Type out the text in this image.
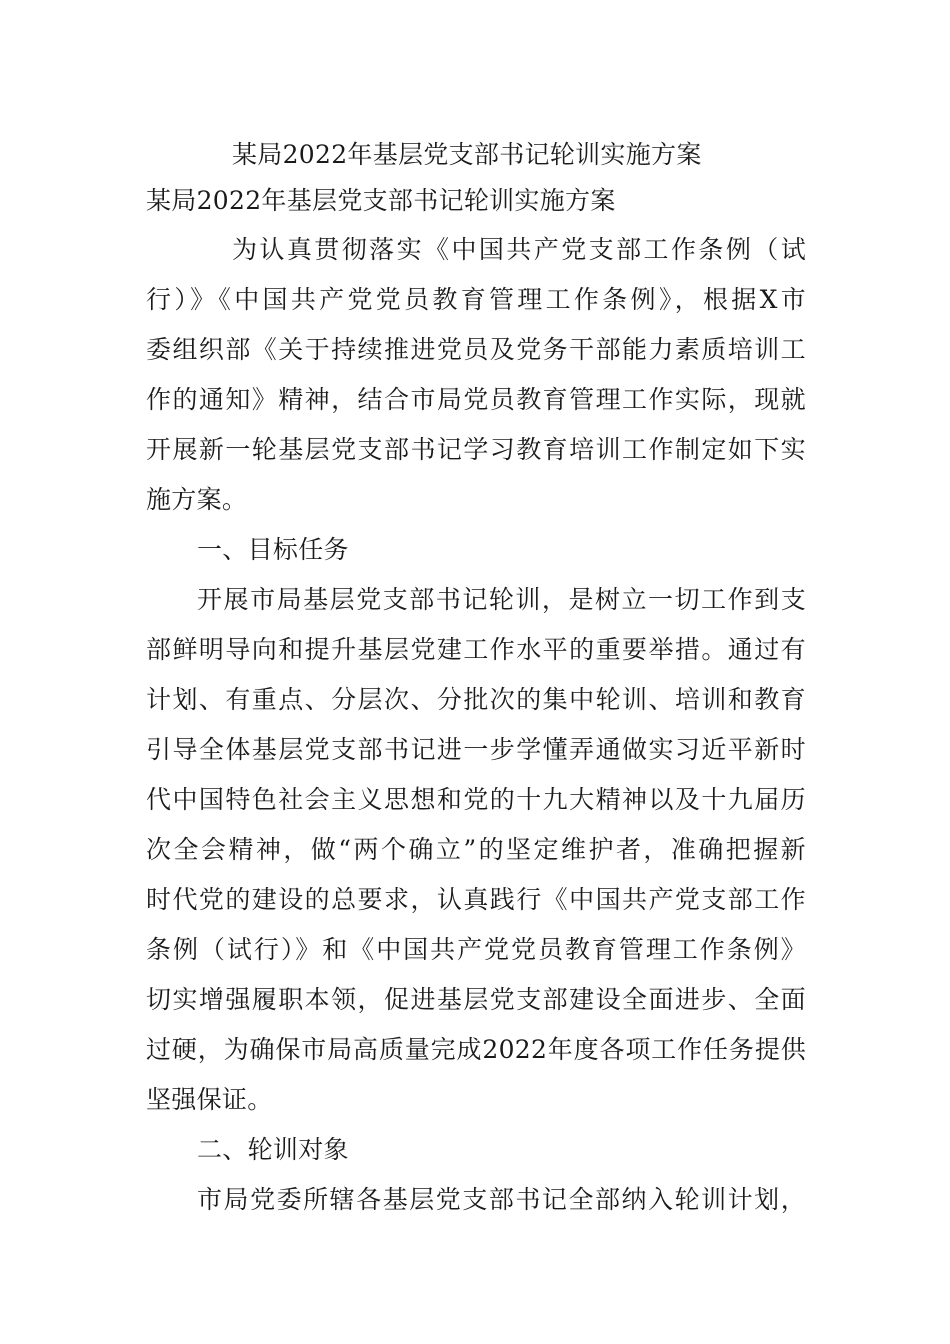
某局2022年基层党支部书记轮训实施方案
某局2022年基层党支部书记轮训实施方案
为认真贯彻落实《中国共产党支部工作条例（试
行）》《中国共产党党员教育管理工作条例》，根据X市
委组织部《关于持续推进党员及党务干部能力素质培训工
作的通知》精神，结合市局党员教育管理工作实际，现就
开展新一轮基层党支部书记学习教育培训工作制定如下实
施方案。
一、目标任务
开展市局基层党支部书记轮训，是树立一切工作到支
部鲜明导向和提升基层党建工作水平的重要举措。通过有
计划、有重点、分层次、分批次的集中轮训、培训和教育
引导全体基层党支部书记进一步学懂弄通做实习近平新时
代中国特色社会主义思想和党的十九大精神以及十九届历
次全会精神，做“两个确立”的坚定维护者，准确把握新
时代党的建设的总要求，认真践行《中国共产党支部工作
条例（试行）》和《中国共产党党员教育管理工作条例》
切实增强履职本领，促进基层党支部建设全面进步、全面
过硬，为确保市局高质量完成2022年度各项工作任务提供
坚强保证。
二、轮训对象
市局党委所辖各基层党支部书记全部纳入轮训计划，
